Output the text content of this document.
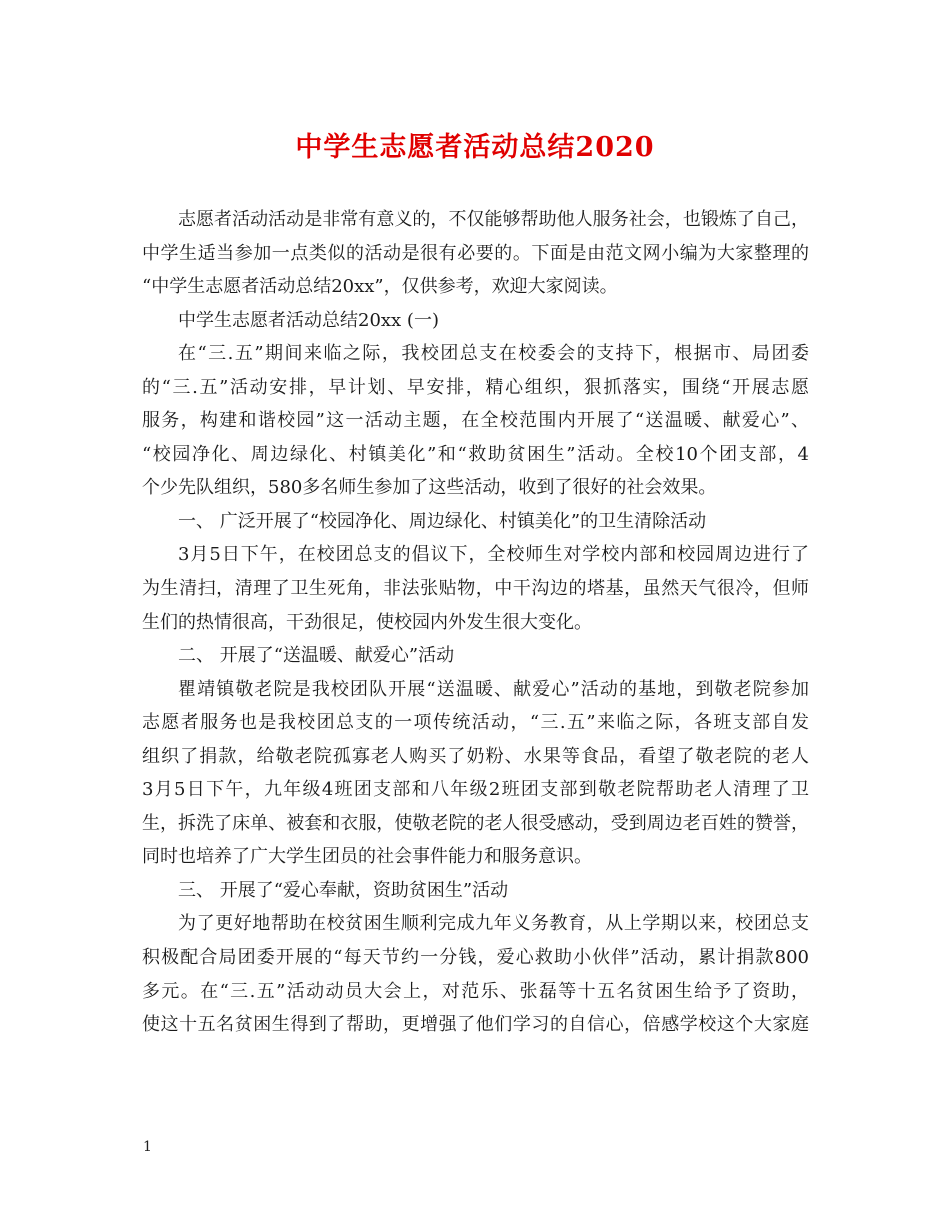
中学生志愿者活动总结2020
志愿者活动活动是非常有意义的，不仅能够帮助他人服务社会，也锻炼了自己，
中学生适当参加一点类似的活动是很有必要的。下面是由范文网小编为大家整理的
“中学生志愿者活动总结20xx”，仅供参考，欢迎大家阅读。
中学生志愿者活动总结20xx (一)
在“三.五”期间来临之际，我校团总支在校委会的支持下，根据市、局团委
的“三.五”活动安排，早计划、早安排，精心组织，狠抓落实，围绕“开展志愿
服务，构建和谐校园”这一活动主题，在全校范围内开展了“送温暖、献爱心”、
“校园净化、周边绿化、村镇美化”和“救助贫困生”活动。全校10个团支部，4
个少先队组织，580多名师生参加了这些活动，收到了很好的社会效果。
一、 广泛开展了“校园净化、周边绿化、村镇美化”的卫生清除活动
3月5日下午，在校团总支的倡议下，全校师生对学校内部和校园周边进行了
为生清扫，清理了卫生死角，非法张贴物，中干沟边的塔基，虽然天气很冷，但师
生们的热情很高，干劲很足，使校园内外发生很大变化。
二、 开展了“送温暖、献爱心”活动
瞿靖镇敬老院是我校团队开展“送温暖、献爱心”活动的基地，到敬老院参加
志愿者服务也是我校团总支的一项传统活动，“三.五”来临之际，各班支部自发
组织了捐款，给敬老院孤寡老人购买了奶粉、水果等食品，看望了敬老院的老人
3月5日下午，九年级4班团支部和八年级2班团支部到敬老院帮助老人清理了卫
生，拆洗了床单、被套和衣服，使敬老院的老人很受感动，受到周边老百姓的赞誉，
同时也培养了广大学生团员的社会事件能力和服务意识。
三、 开展了“爱心奉献，资助贫困生”活动
为了更好地帮助在校贫困生顺利完成九年义务教育，从上学期以来，校团总支
积极配合局团委开展的“每天节约一分钱，爱心救助小伙伴”活动，累计捐款800
多元。在“三.五”活动动员大会上，对范乐、张磊等十五名贫困生给予了资助，
使这十五名贫困生得到了帮助，更增强了他们学习的自信心，倍感学校这个大家庭
1
